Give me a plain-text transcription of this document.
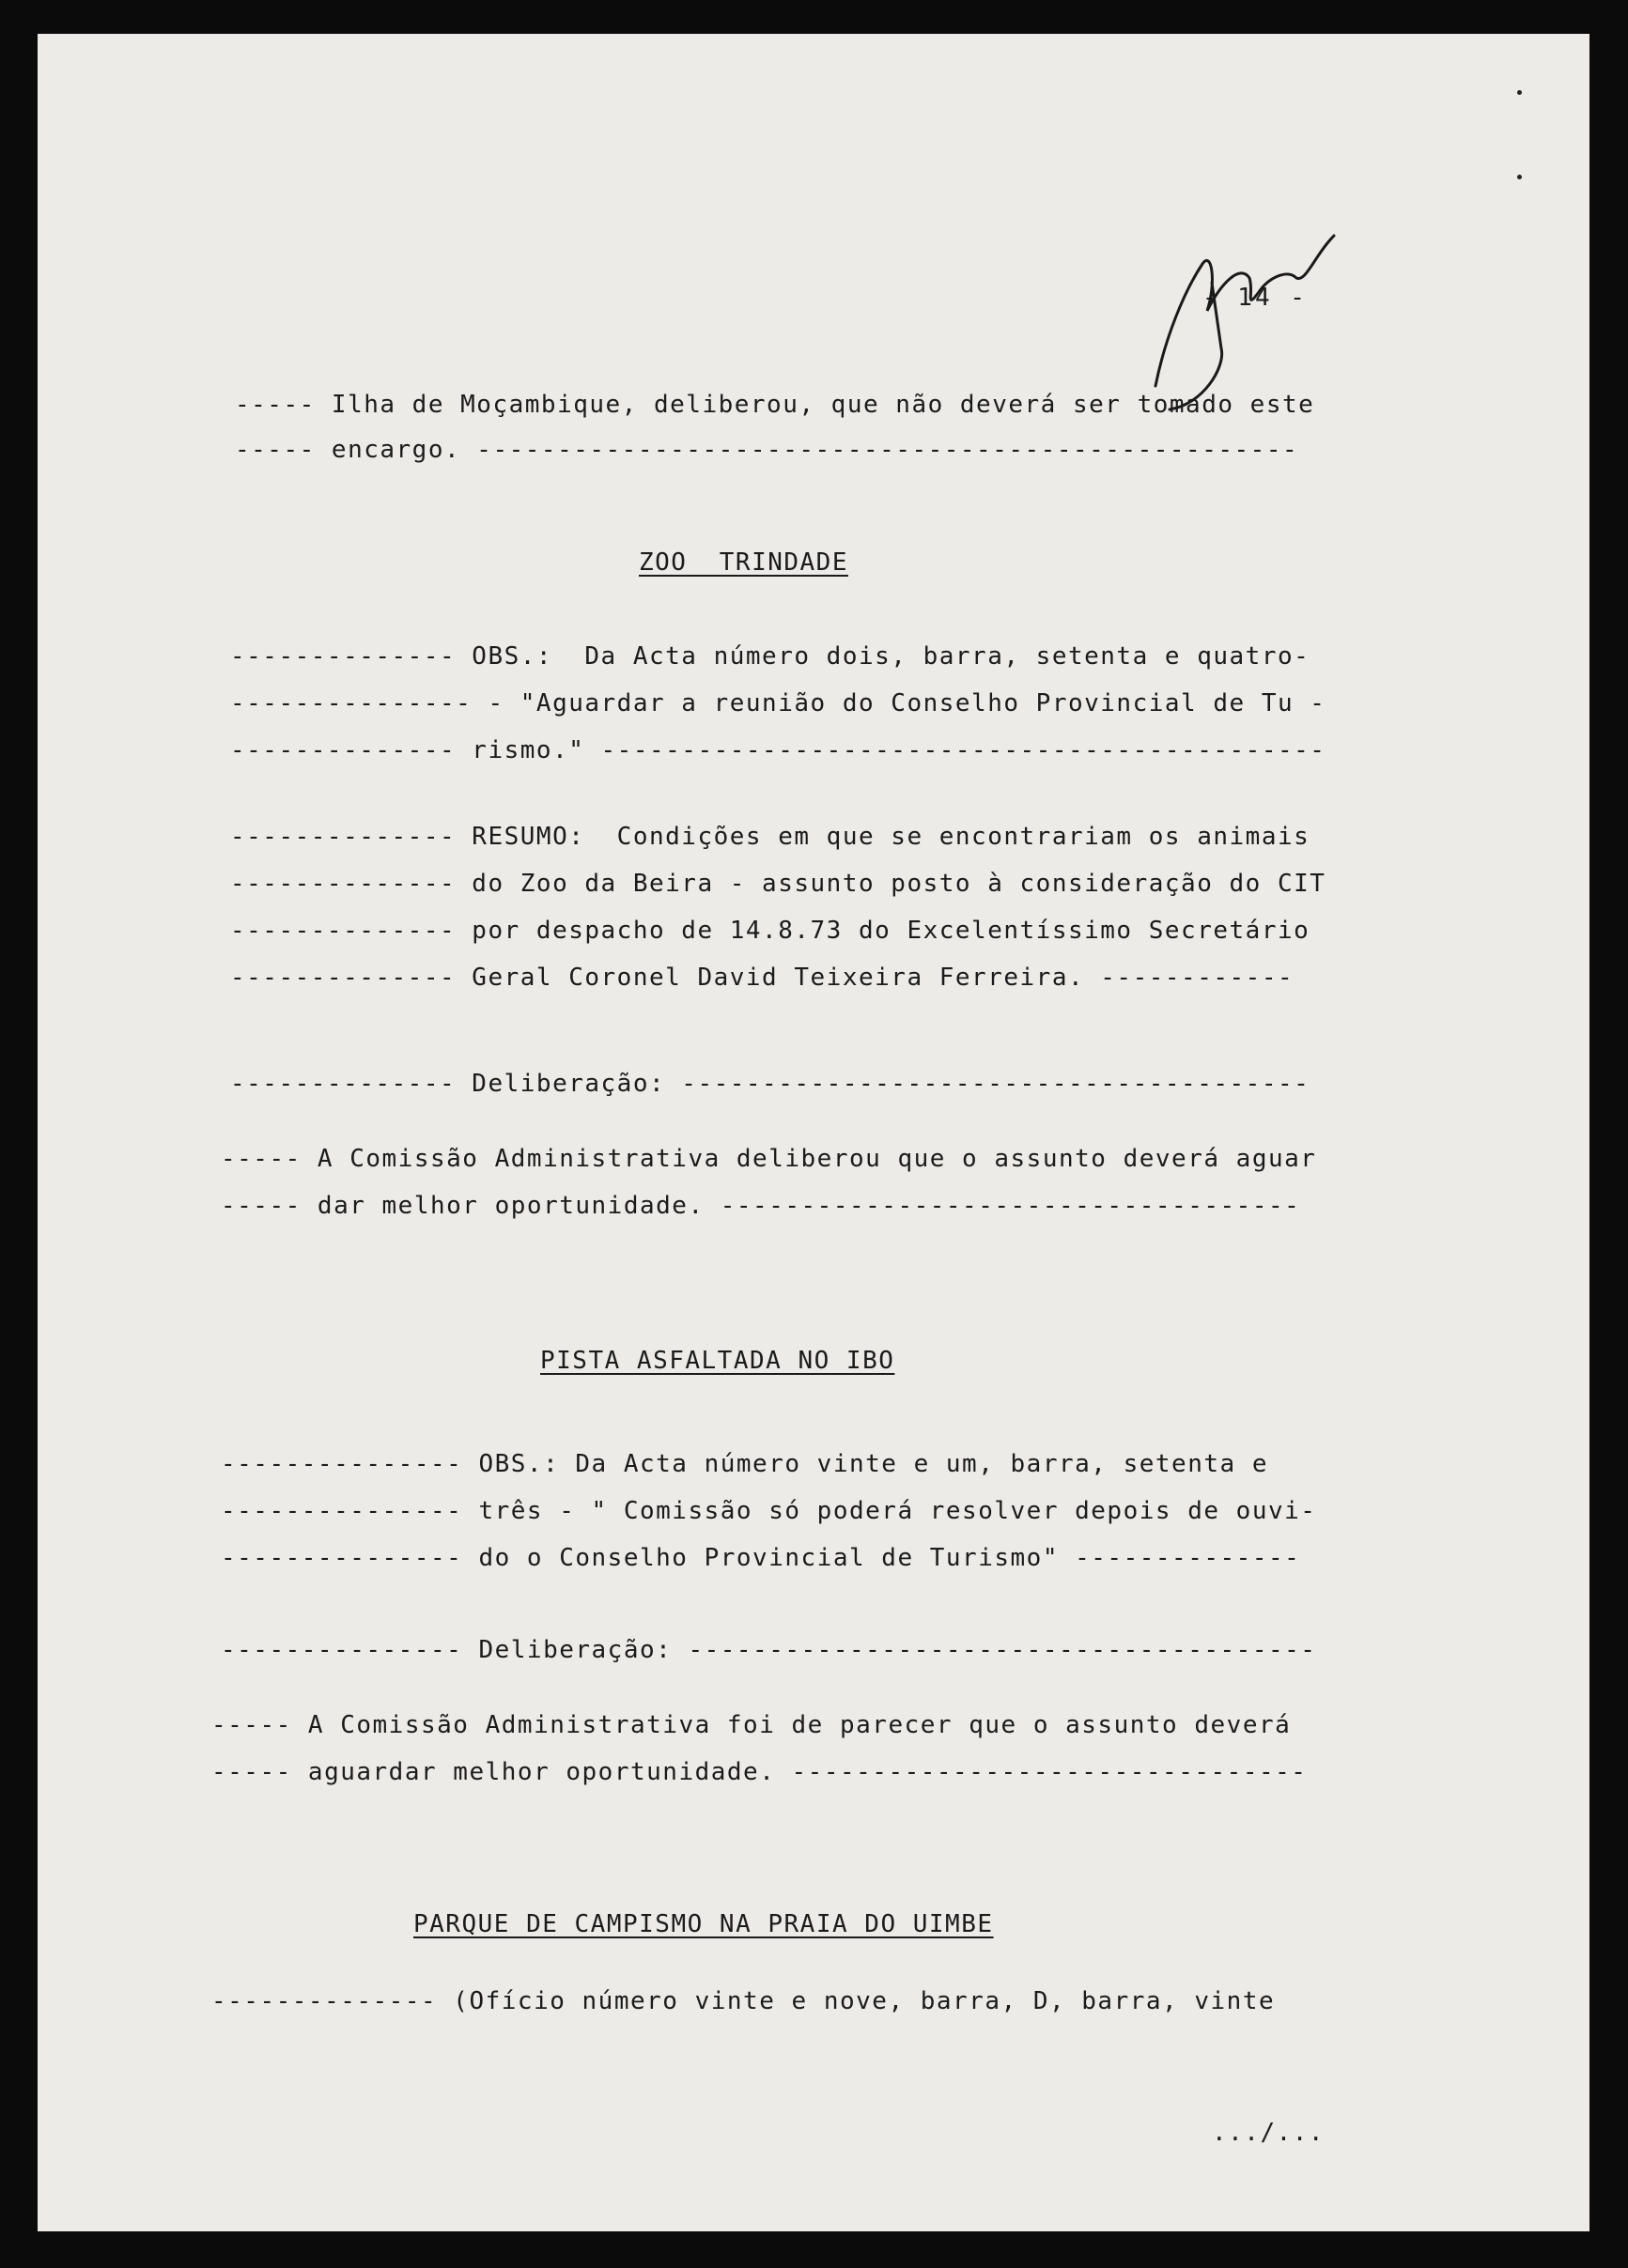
- 14 -
----- Ilha de Moçambique, deliberou, que não deverá ser tomado este
----- encargo. ---------------------------------------------------
ZOO  TRINDADE
-------------- OBS.:  Da Acta número dois, barra, setenta e quatro-
--------------- - "Aguardar a reunião do Conselho Provincial de Tu -
-------------- rismo." ---------------------------------------------
-------------- RESUMO:  Condições em que se encontrariam os animais
-------------- do Zoo da Beira - assunto posto à consideração do CIT
-------------- por despacho de 14.8.73 do Excelentíssimo Secretário
-------------- Geral Coronel David Teixeira Ferreira. ------------
-------------- Deliberação: ---------------------------------------
----- A Comissão Administrativa deliberou que o assunto deverá aguar
----- dar melhor oportunidade. ------------------------------------
PISTA ASFALTADA NO IBO
--------------- OBS.: Da Acta número vinte e um, barra, setenta e
--------------- três - " Comissão só poderá resolver depois de ouvi-
--------------- do o Conselho Provincial de Turismo" --------------
--------------- Deliberação: ---------------------------------------
----- A Comissão Administrativa foi de parecer que o assunto deverá
----- aguardar melhor oportunidade. --------------------------------
PARQUE DE CAMPISMO NA PRAIA DO UIMBE
-------------- (Ofício número vinte e nove, barra, D, barra, vinte
.../...
